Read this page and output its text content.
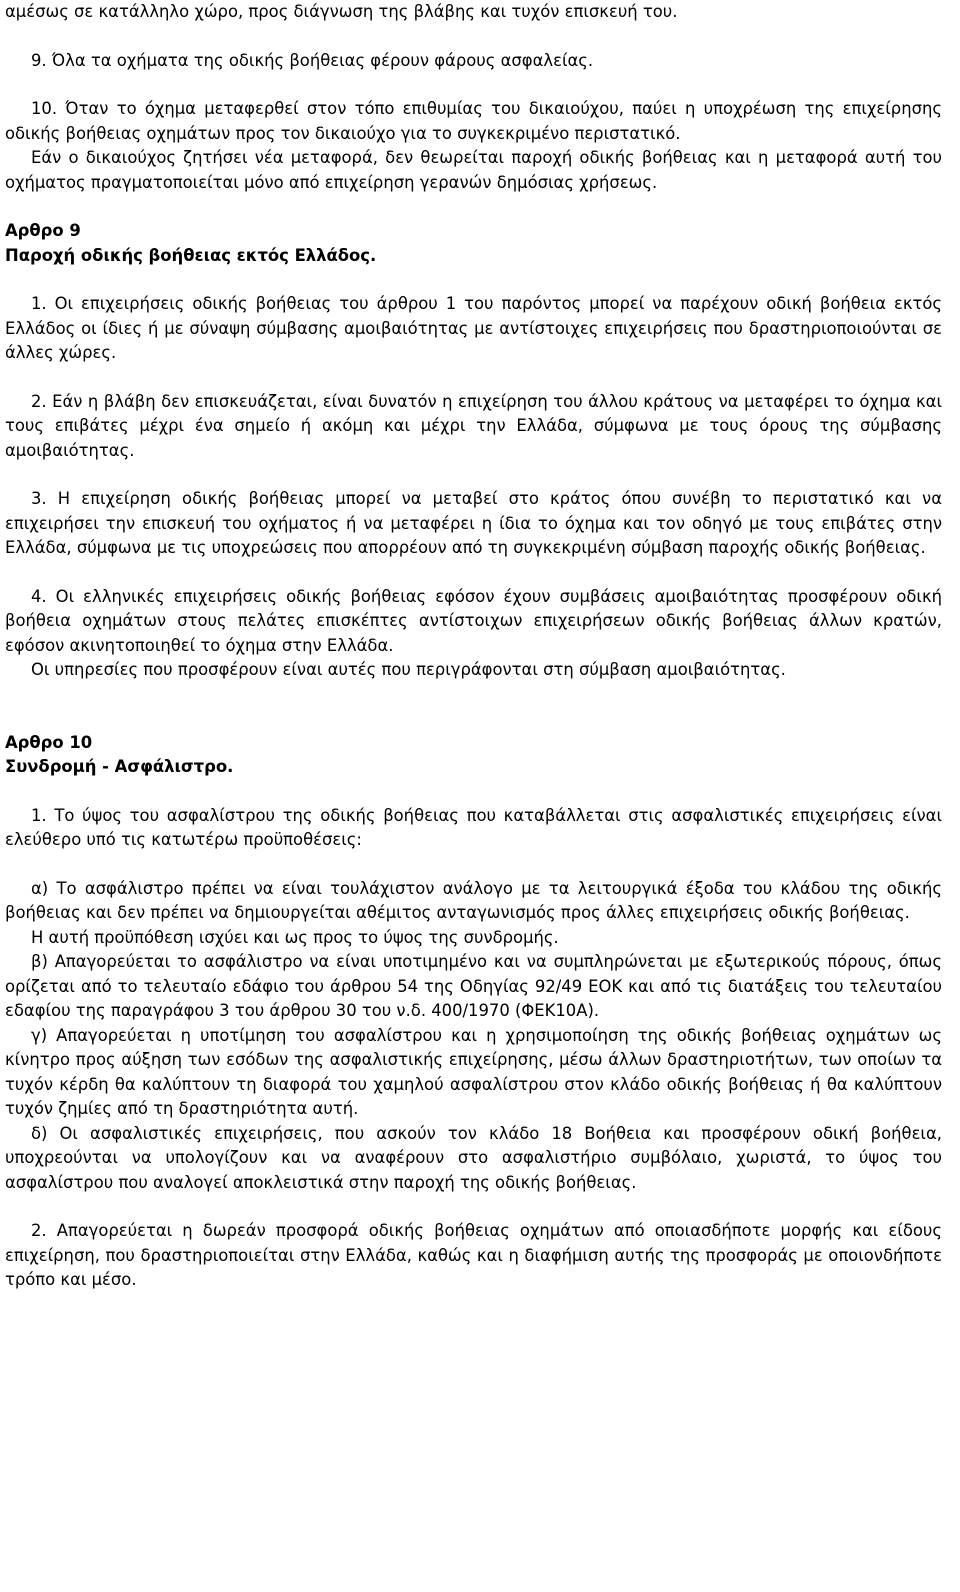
αμέσως σε κατάλληλο χώρο, προς διάγνωση της βλάβης και τυχόν επισκευή του.

9. Όλα τα οχήματα της οδικής βοήθειας φέρουν φάρους ασφαλείας.

10. Όταν το όχημα μεταφερθεί στον τόπο επιθυμίας του δικαιούχου, παύει η υποχρέωση της επιχείρησης οδικής βοήθειας οχημάτων προς τον δικαιούχο για το συγκεκριμένο περιστατικό.

Εάν ο δικαιούχος ζητήσει νέα μεταφορά, δεν θεωρείται παροχή οδικής βοήθειας και η μεταφορά αυτή του οχήματος πραγματοποιείται μόνο από επιχείρηση γερανών δημόσιας χρήσεως.

Αρθρο 9

Παροχή οδικής βοήθειας εκτός Ελλάδος.

1. Οι επιχειρήσεις οδικής βοήθειας του άρθρου 1 του παρόντος μπορεί να παρέχουν οδική βοήθεια εκτός Ελλάδος οι ίδιες ή με σύναψη σύμβασης αμοιβαιότητας με αντίστοιχες επιχειρήσεις που δραστηριοποιούνται σε άλλες χώρες.

2. Εάν η βλάβη δεν επισκευάζεται, είναι δυνατόν η επιχείρηση του άλλου κράτους να μεταφέρει το όχημα και τους επιβάτες μέχρι ένα σημείο ή ακόμη και μέχρι την Ελλάδα, σύμφωνα με τους όρους της σύμβασης αμοιβαιότητας.

3. Η επιχείρηση οδικής βοήθειας μπορεί να μεταβεί στο κράτος όπου συνέβη το περιστατικό και να επιχειρήσει την επισκευή του οχήματος ή να μεταφέρει η ίδια το όχημα και τον οδηγό με τους επιβάτες στην Ελλάδα, σύμφωνα με τις υποχρεώσεις που απορρέουν από τη συγκεκριμένη σύμβαση παροχής οδικής βοήθειας.

4. Οι ελληνικές επιχειρήσεις οδικής βοήθειας εφόσον έχουν συμβάσεις αμοιβαιότητας προσφέρουν οδική βοήθεια οχημάτων στους πελάτες επισκέπτες αντίστοιχων επιχειρήσεων οδικής βοήθειας άλλων κρατών, εφόσον ακινητοποιηθεί το όχημα στην Ελλάδα.

Οι υπηρεσίες που προσφέρουν είναι αυτές που περιγράφονται στη σύμβαση αμοιβαιότητας.

Αρθρο 10

Συνδρομή - Ασφάλιστρο.

1. Το ύψος του ασφαλίστρου της οδικής βοήθειας που καταβάλλεται στις ασφαλιστικές επιχειρήσεις είναι ελεύθερο υπό τις κατωτέρω προϋποθέσεις:

α) Το ασφάλιστρο πρέπει να είναι τουλάχιστον ανάλογο με τα λειτουργικά έξοδα του κλάδου της οδικής βοήθειας και δεν πρέπει να δημιουργείται αθέμιτος ανταγωνισμός προς άλλες επιχειρήσεις οδικής βοήθειας.

Η αυτή προϋπόθεση ισχύει και ως προς το ύψος της συνδρομής.

β) Απαγορεύεται το ασφάλιστρο να είναι υποτιμημένο και να συμπληρώνεται με εξωτερικούς πόρους, όπως ορίζεται από το τελευταίο εδάφιο του άρθρου 54 της Οδηγίας 92/49 ΕΟΚ και από τις διατάξεις του τελευταίου εδαφίου της παραγράφου 3 του άρθρου 30 του ν.δ. 400/1970 (ΦΕΚ10Α).

γ) Απαγορεύεται η υποτίμηση του ασφαλίστρου και η χρησιμοποίηση της οδικής βοήθειας οχημάτων ως κίνητρο προς αύξηση των εσόδων της ασφαλιστικής επιχείρησης, μέσω άλλων δραστηριοτήτων, των οποίων τα τυχόν κέρδη θα καλύπτουν τη διαφορά του χαμηλού ασφαλίστρου στον κλάδο οδικής βοήθειας ή θα καλύπτουν τυχόν ζημίες από τη δραστηριότητα αυτή.

δ) Οι ασφαλιστικές επιχειρήσεις, που ασκούν τον κλάδο 18 Βοήθεια και προσφέρουν οδική βοήθεια, υποχρεούνται να υπολογίζουν και να αναφέρουν στο ασφαλιστήριο συμβόλαιο, χωριστά, το ύψος του ασφαλίστρου που αναλογεί αποκλειστικά στην παροχή της οδικής βοήθειας.

2. Απαγορεύεται η δωρεάν προσφορά οδικής βοήθειας οχημάτων από οποιασδήποτε μορφής και είδους επιχείρηση, που δραστηριοποιείται στην Ελλάδα, καθώς και η διαφήμιση αυτής της προσφοράς με οποιονδήποτε τρόπο και μέσο.
